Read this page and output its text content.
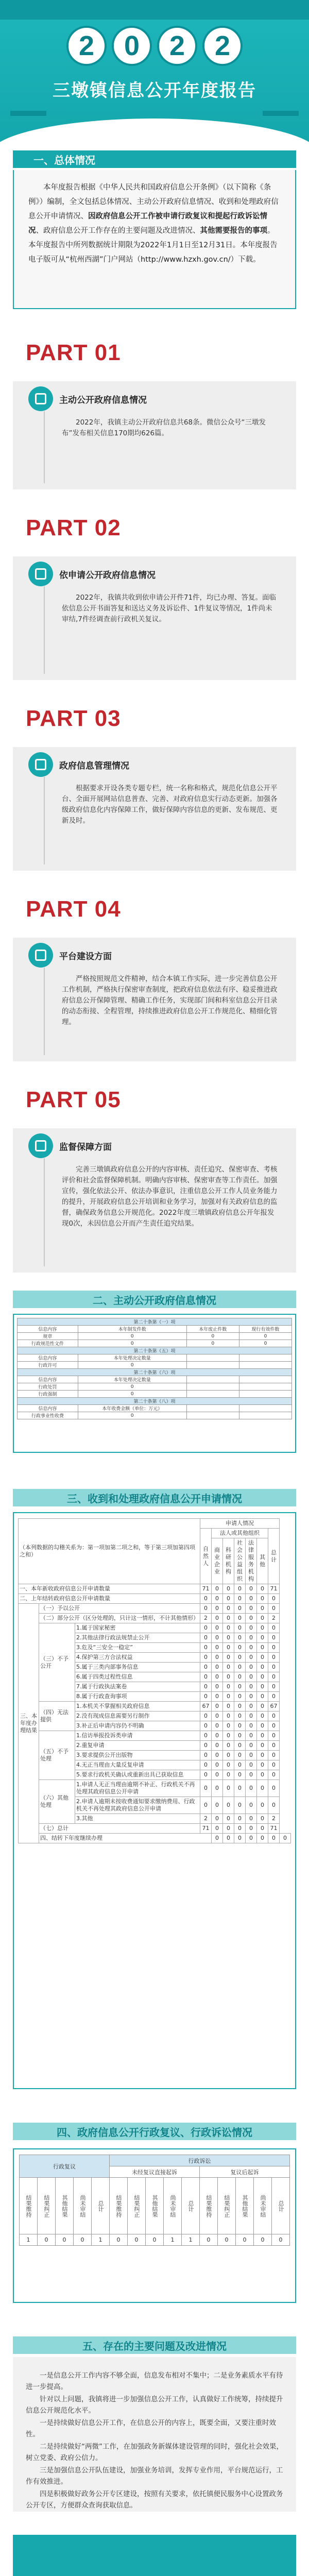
2	0	2	2
三墩镇信息公开年度报告
一、总体情况
本年度报告根据《中华人民共和国政府信息公开条例》（以下简称《条例》）编制，全文包括总体情况、主动公开政府信息情况、收到和处理政府信息公开申请情况、因政府信息公开工作被申请行政复议和提起行政诉讼情况、政府信息公开工作存在的主要问题及改进情况、其他需要报告的事项。本年度报告中所列数据统计期限为2022年1月1日至12月31日。本年度报告电子版可从“杭州西湖”门户网站（http://www.hzxh.gov.cn/）下载。
PART 01
主动公开政府信息情况
2022年，我镇主动公开政府信息共68条。微信公众号“三墩发布”发布相关信息170期均626篇。
PART 02
依申请公开政府信息情况
2022年，我镇共收到依申请公开件71件，均已办理、答复。面临依信息公开书面答复和送达义务及诉讼件、1件复议等情况，1件尚未审结,7件经调查前行政机关复议。
PART 03
政府信息管理情况
根据要求开设各类专题专栏，统一名称和格式，规范化信息公开平台、全面开展网站信息普查、完善、对政府信息实行动态更新。加强各级政府信息化内容保障工作，做好保障内容信息的更新、发布规范、更新及时。
PART 04
平台建设方面
严格按照规范文件精神，结合本镇工作实际，进一步完善信息公开工作机制，严格执行保密审查制度，把政府信息依法有序、稳妥推进政府信息公开保障管理、精确工作任务，实现部门间和科室信息公开目录的动态衔接、全程管理，持续推进政府信息公开工作规范化、精细化管理。
PART 05
监督保障方面
完善三墩镇政府信息公开的内容审核、责任追究、保密审查、考核评价和社会监督保障机制。明确内容审核、保密审查等工作责任。加强宣传，强化依法公开、依法办事意识，注重信息公开工作人员业务能力的提升，开展政府信息公开培训和业务学习，加强对有关政府信息的监督，确保政务信息公开规范化。2022年度三墩镇政府信息公开年报发现0次，未因信息公开而产生责任追究结果。
二、主动公开政府信息情况
第二十条第（一）项			
信息内容	本年制发件数	本年废止件数	现行有效件数
规章	0	0	0
行政规范性文件	0	0	0
第二十条第（五）项			
信息内容	本年处理决定数量		
行政许可	0		
第二十条第（六）项			
信息内容	本年处理决定数量		
行政处罚	0		
行政强制	0		
第二十条第（八）项			
信息内容	本年收费金额（单位：万元）		
行政事业性收费	0		
三、收到和处理政府信息公开申请情况
（本列数据的勾稽关系为：第一项加第二项之和，等于第三项加第四项之和）			申请人情况							
			自然人	法人或其他组织					总计	
				商业企业	科研机构	社会公益组织	法律服务机构	其他		
一、本年新收政府信息公开申请数量			71	0	0	0	0	0	71	
二、上年结转政府信息公开申请数量			0	0	0	0	0	0	0	
三、本年度办理结果	（一）予以公开		0	0	0	0	0	0	0	
	（二）部分公开（区分处理的，只计这一情形，不计其他情形）		2	0	0	0	0	0	2	
	（三）不予公开	1.属于国家秘密	0	0	0	0	0	0	0	
		2.其他法律行政法规禁止公开	0	0	0	0	0	0	0	
		3.危及“三安全一稳定”	0	0	0	0	0	0	0	
		4.保护第三方合法权益	0	0	0	0	0	0	0	
		5.属于三类内部事务信息	0	0	0	0	0	0	0	
		6.属于四类过程性信息	0	0	0	0	0	0	0	
		7.属于行政执法案卷	0	0	0	0	0	0	0	
		8.属于行政查询事项	0	0	0	0	0	0	0	
	（四）无法提供	1.本机关不掌握相关政府信息	67	0	0	0	0	0	67	
		2.没有现成信息需要另行制作	0	0	0	0	0	0	0	
		3.补正后申请内容仍不明确	0	0	0	0	0	0	0	
	（五）不予处理	1.信访举报投诉类申请	0	0	0	0	0	0	0	
		2.重复申请	0	0	0	0	0	0	0	
		3.要求提供公开出版物	0	0	0	0	0	0	0	
		4.无正当理由大量反复申请	0	0	0	0	0	0	0	
		5.要求行政机关确认或重新出具已获取信息	0	0	0	0	0	0	0	
	（六）其他处理	1.申请人无正当理由逾期不补正、行政机关不再处理其政府信息公开申请	0	0	0	0	0	0	0	
		2.申请人逾期未按收费通知要求缴纳费用、行政机关不再处理其政府信息公开申请	0	0	0	0	0	0	0	
		3.其他	2	0	0	0	0	0	2	
	（七）总计		71	0	0	0	0	0	71	
	四、结转下年度继续办理			0	0	0	0	0	0	0
四、政府信息公开行政复议、行政诉讼情况
行政复议					行政诉讼									
					未经复议直接起诉					复议后起诉				
结果维持	结果纠正	其他结果	尚未审结	总计	结果维持	结果纠正	其他结果	尚未审结	总计	结果维持	结果纠正	其他结果	尚未审结	总计
1	0	0	0	1	0	0	0	1	1	0	0	0	0	0
五、存在的主要问题及改进情况

一是信息公开工作内容不够全面，信息发布相对不集中；二是业务素质水平有待进一步提高。

针对以上问题，我镇将进一步加强信息公开工作，认真做好工作统筹，持续提升信息公开规范化水平。

一是持续做好信息公开工作，在信息公开的内容上，既要全面，又要注重时效性。

二是持续做好“两微”工作，在加强政务新媒体建设管理的同时，强化社会效果，树立党委、政府公信力。

三是加强信息公开队伍建设，加强业务培训，发挥专业作用，平台规范运行，工作有效推进。

四是积极做好政务公开专区建设，按照有关要求，依托镇便民服务中心设置政务公开专区，方便群众查询获取信息。
